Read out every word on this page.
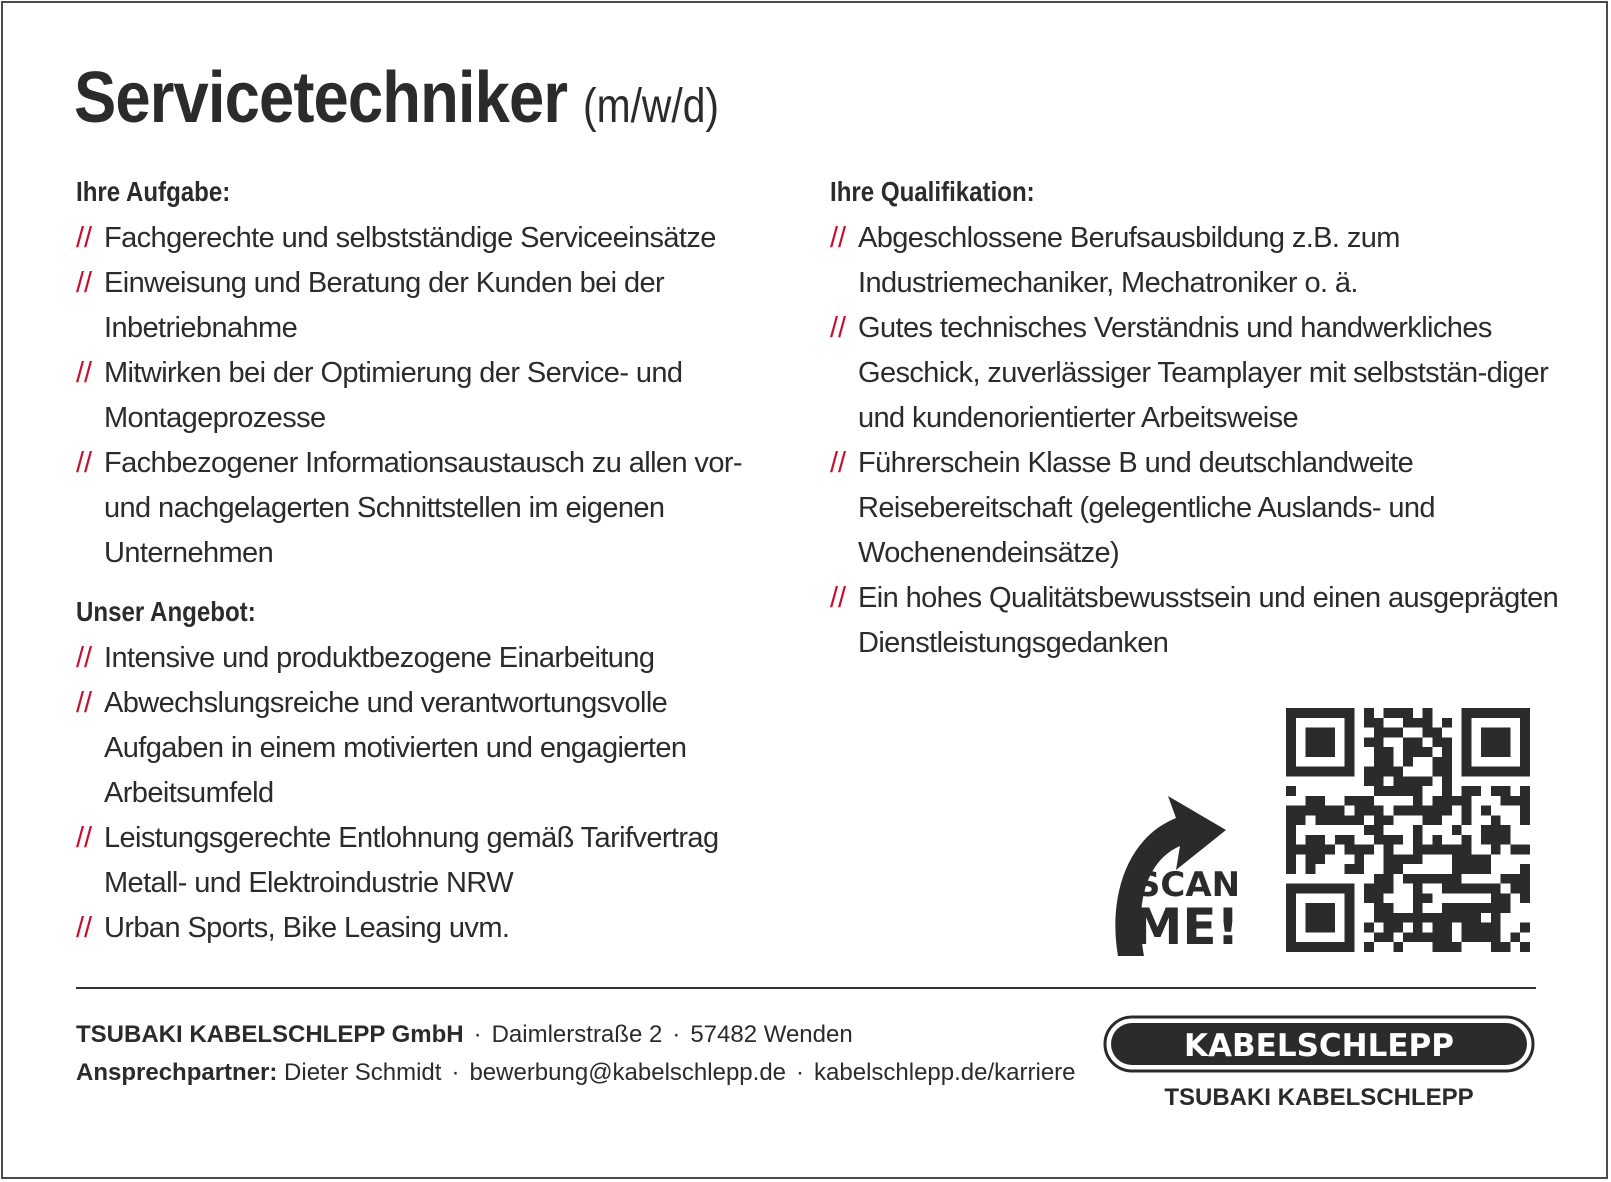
Servicetechniker (m/w/d)
Ihre Aufgabe:
// Fachgerechte und selbstständige Serviceeinsätze
// Einweisung und Beratung der Kunden bei der Inbetriebnahme
// Mitwirken bei der Optimierung der Service- und Montageprozesse
// Fachbezogener Informationsaustausch zu allen vor- und nachgelagerten Schnittstellen im eigenen Unternehmen
Unser Angebot:
// Intensive und produktbezogene Einarbeitung
// Abwechslungsreiche und verantwortungsvolle Aufgaben in einem motivierten und engagierten Arbeitsumfeld
// Leistungsgerechte Entlohnung gemäß Tarifvertrag Metall- und Elektroindustrie NRW
// Urban Sports, Bike Leasing uvm.
Ihre Qualifikation:
// Abgeschlossene Berufsausbildung z.B. zum Industriemechaniker, Mechatroniker o. ä.
// Gutes technisches Verständnis und handwerkliches Geschick, zuverlässiger Teamplayer mit selbststän-diger und kundenorientierter Arbeitsweise
// Führerschein Klasse B und deutschlandweite Reisebereitschaft (gelegentliche Auslands- und Wochenendeinsätze)
// Ein hohes Qualitätsbewusstsein und einen ausgeprägten Dienstleistungsgedanken
SCAN
ME!
TSUBAKI KABELSCHLEPP GmbH · Daimlerstraße 2 · 57482 Wenden
Ansprechpartner: Dieter Schmidt · bewerbung@kabelschlepp.de · kabelschlepp.de/karriere
KABELSCHLEPP
TSUBAKI KABELSCHLEPP
